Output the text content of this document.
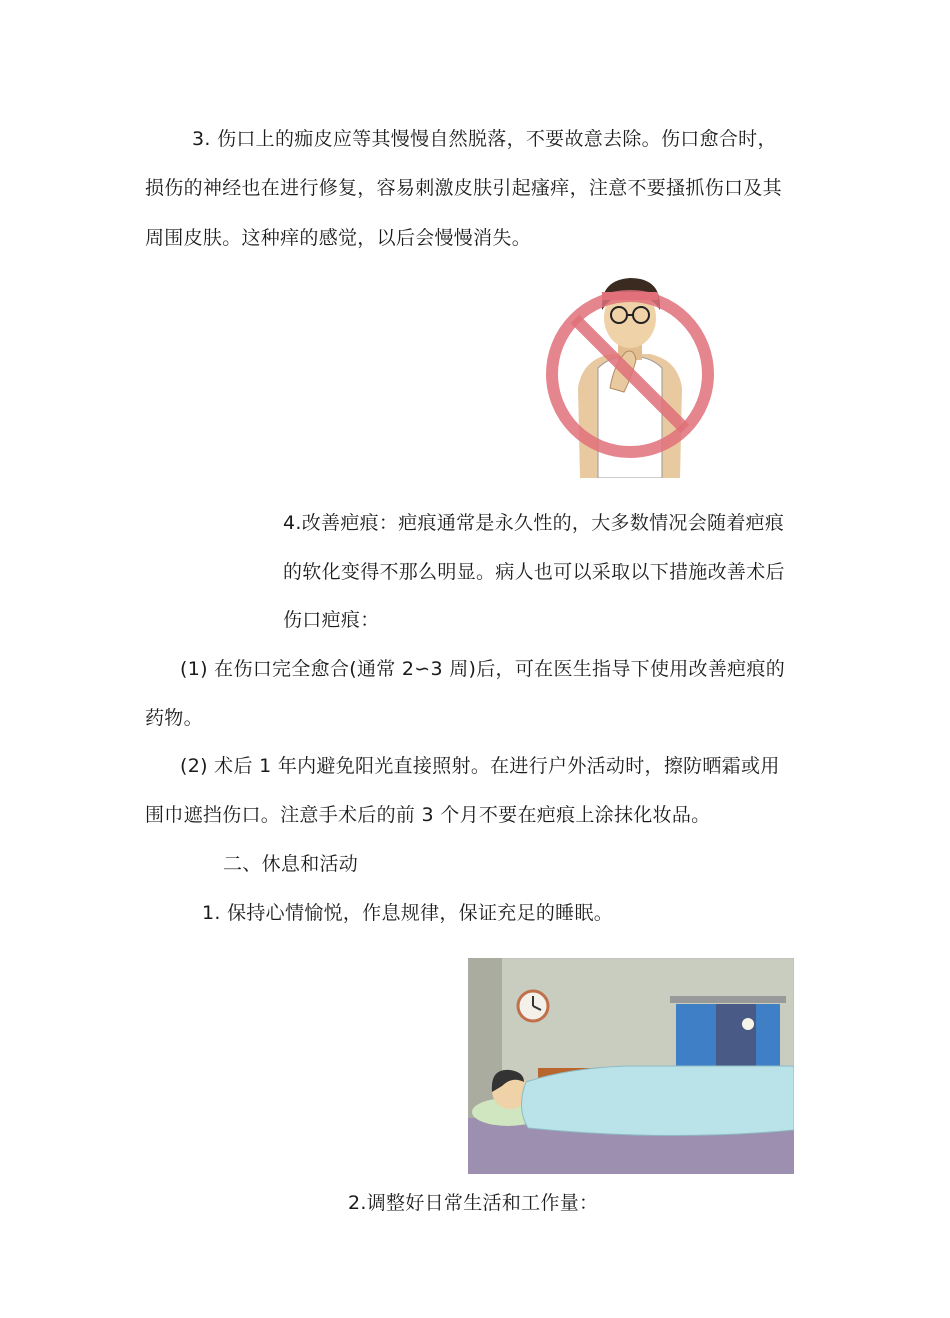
3. 伤口上的痂皮应等其慢慢自然脱落，不要故意去除。伤口愈合时，
损伤的神经也在进行修复，容易刺激皮肤引起瘙痒，注意不要搔抓伤口及其
周围皮肤。这种痒的感觉，以后会慢慢消失。
4.改善疤痕：疤痕通常是永久性的，大多数情况会随着疤痕
的软化变得不那么明显。病人也可以采取以下措施改善术后
伤口疤痕：
(1) 在伤口完全愈合(通常 2∽3 周)后，可在医生指导下使用改善疤痕的
药物。
(2) 术后 1 年内避免阳光直接照射。在进行户外活动时，擦防晒霜或用
围巾遮挡伤口。注意手术后的前 3 个月不要在疤痕上涂抹化妆品。
二、休息和活动
1. 保持心情愉悦，作息规律，保证充足的睡眠。
2.调整好日常生活和工作量：
